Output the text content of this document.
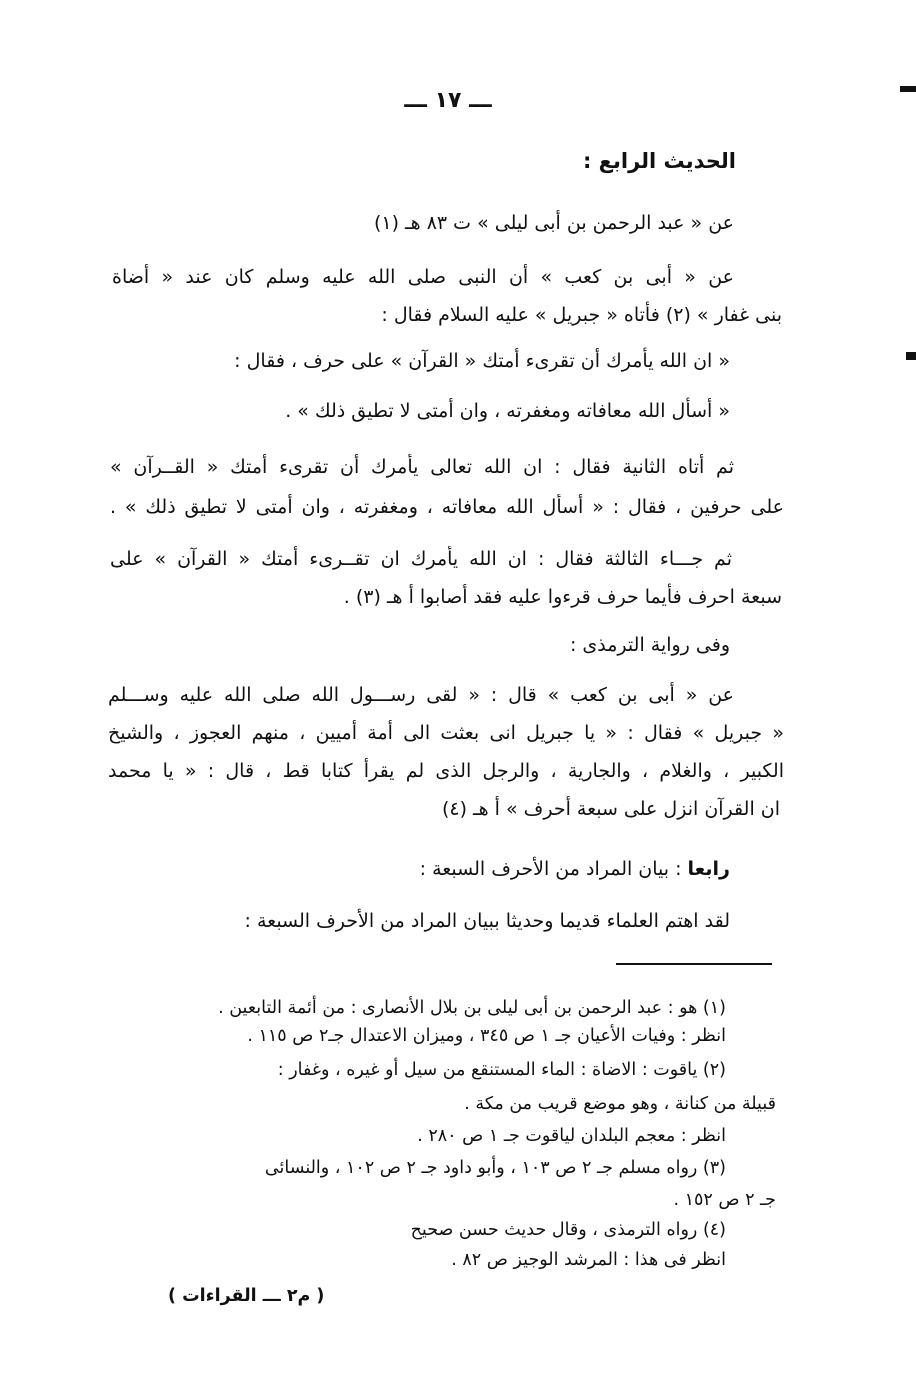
ـــ ١٧ ـــ
الحديث الرابع :
عن « عبد الرحمن بن أبى ليلى » ت ٨٣ هـ (١)
عن « أبى بن كعب » أن النبى صلى الله عليه وسلم كان عند « أضاة
بنى غفار » (٢) فأتاه « جبريل » عليه السلام فقال :
« ان الله يأمرك أن تقرىء أمتك « القرآن » على حرف ، فقال :
« أسأل الله معافاته ومغفرته ، وان أمتى لا تطيق ذلك » .
ثم أتاه الثانية فقال : ان الله تعالى يأمرك أن تقرىء أمتك « القــرآن »
على حرفين ، فقال : « أسأل الله معافاته ، ومغفرته ، وان أمتى لا تطيق ذلك » .
ثم جـــاء الثالثة فقال : ان الله يأمرك ان تقــرىء أمتك « القرآن » على
سبعة احرف فأيما حرف قرءوا عليه فقد أصابوا أ هـ (٣) .
وفى رواية الترمذى :
عن « أبى بن كعب » قال : « لقى رســـول الله صلى الله عليه وســـلم
« جبريل » فقال : « يا جبريل انى بعثت الى أمة أميين ، منهم العجوز ، والشيخ
الكبير ، والغلام ، والجارية ، والرجل الذى لم يقرأ كتابا قط ، قال : « يا محمد
ان القرآن انزل على سبعة أحرف » أ هـ (٤)
رابعا : بيان المراد من الأحرف السبعة :
لقد اهتم العلماء قديما وحديثا ببيان المراد من الأحرف السبعة :
(١) هو : عبد الرحمن بن أبى ليلى بن بلال الأنصارى : من أئمة التابعين .
انظر : وفيات الأعيان جـ ١ ص ٣٤٥ ، وميزان الاعتدال جـ٢ ص ١١٥ .
(٢) ياقوت : الاضاة : الماء المستنقع من سيل أو غيره ، وغفار :
قبيلة من كنانة ، وهو موضع قريب من مكة .
انظر : معجم البلدان لياقوت جـ ١ ص ٢٨٠ .
(٣) رواه مسلم جـ ٢ ص ١٠٣ ، وأبو داود جـ ٢ ص ١٠٢ ، والنسائى
جـ ٢ ص ١٥٢ .
(٤) رواه الترمذى ، وقال حديث حسن صحيح
انظر فى هذا : المرشد الوجيز ص ٨٢ .
( م٢ ـــ القراءات )
